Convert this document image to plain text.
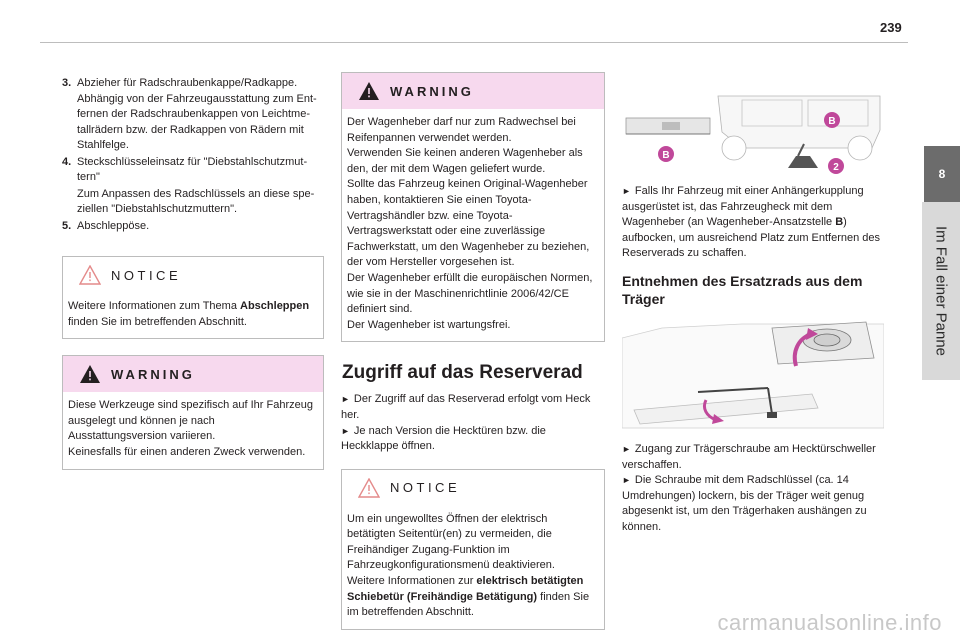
239
8
Im Fall einer Panne
3. Abzieher für Radschraubenkappe/Radkappe. Abhängig von der Fahrzeugausstattung zum Ent-fernen der Radschraubenkappen von Leichtme-tallrädern bzw. der Radkappen von Rädern mit Stahlfelge.
4. Steckschlüsseleinsatz für "Diebstahlschutzmut-tern"
Zum Anpassen des Radschlüssels an diese spe-ziellen "Diebstahlschutzmuttern".
5. Abschleppöse.
NOTICE

Weitere Informationen zum Thema Abschleppen finden Sie im betreffenden Abschnitt.

WARNING

Diese Werkzeuge sind spezifisch auf Ihr Fahrzeug ausgelegt und können je nach Ausstattungsversion variieren.

Keinesfalls für einen anderen Zweck verwenden.

WARNING

Der Wagenheber darf nur zum Radwechsel bei Reifenpannen verwendet werden.

Verwenden Sie keinen anderen Wagenheber als den, der mit dem Wagen geliefert wurde.

Sollte das Fahrzeug keinen Original-Wagenheber haben, kontaktieren Sie einen Toyota-Vertragshändler bzw. eine Toyota-Vertragswerkstatt oder eine zuverlässige Fachwerkstatt, um den Wagenheber zu beziehen, der vom Hersteller vorgesehen ist.

Der Wagenheber erfüllt die europäischen Normen, wie sie in der Maschinenrichtlinie 2006/42/CE definiert sind.

Der Wagenheber ist wartungsfrei.

Zugriff auf das Reserverad
► Der Zugriff auf das Reserverad erfolgt vom Heck her.
► Je nach Version die Hecktüren bzw. die Heckklappe öffnen.
NOTICE

Um ein ungewolltes Öffnen der elektrisch betätigten Seitentür(en) zu vermeiden, die Freihändiger Zugang-Funktion im Fahrzeugkonfigurationsmenü deaktivieren.

Weitere Informationen zur elektrisch betätigten Schiebetür (Freihändige Betätigung) finden Sie im betreffenden Abschnitt.

B
B
2
► Falls Ihr Fahrzeug mit einer Anhängerkupplung ausgerüstet ist, das Fahrzeugheck mit dem Wagenheber (an Wagenheber-Ansatzstelle B) aufbocken, um ausreichend Platz zum Entfernen des Reserverads zu schaffen.
Entnehmen des Ersatzrads aus dem Träger
► Zugang zur Trägerschraube am Hecktürschweller verschaffen.
► Die Schraube mit dem Radschlüssel (ca. 14 Umdrehungen) lockern, bis der Träger weit genug abgesenkt ist, um den Trägerhaken aushängen zu können.
carmanualsonline.info
